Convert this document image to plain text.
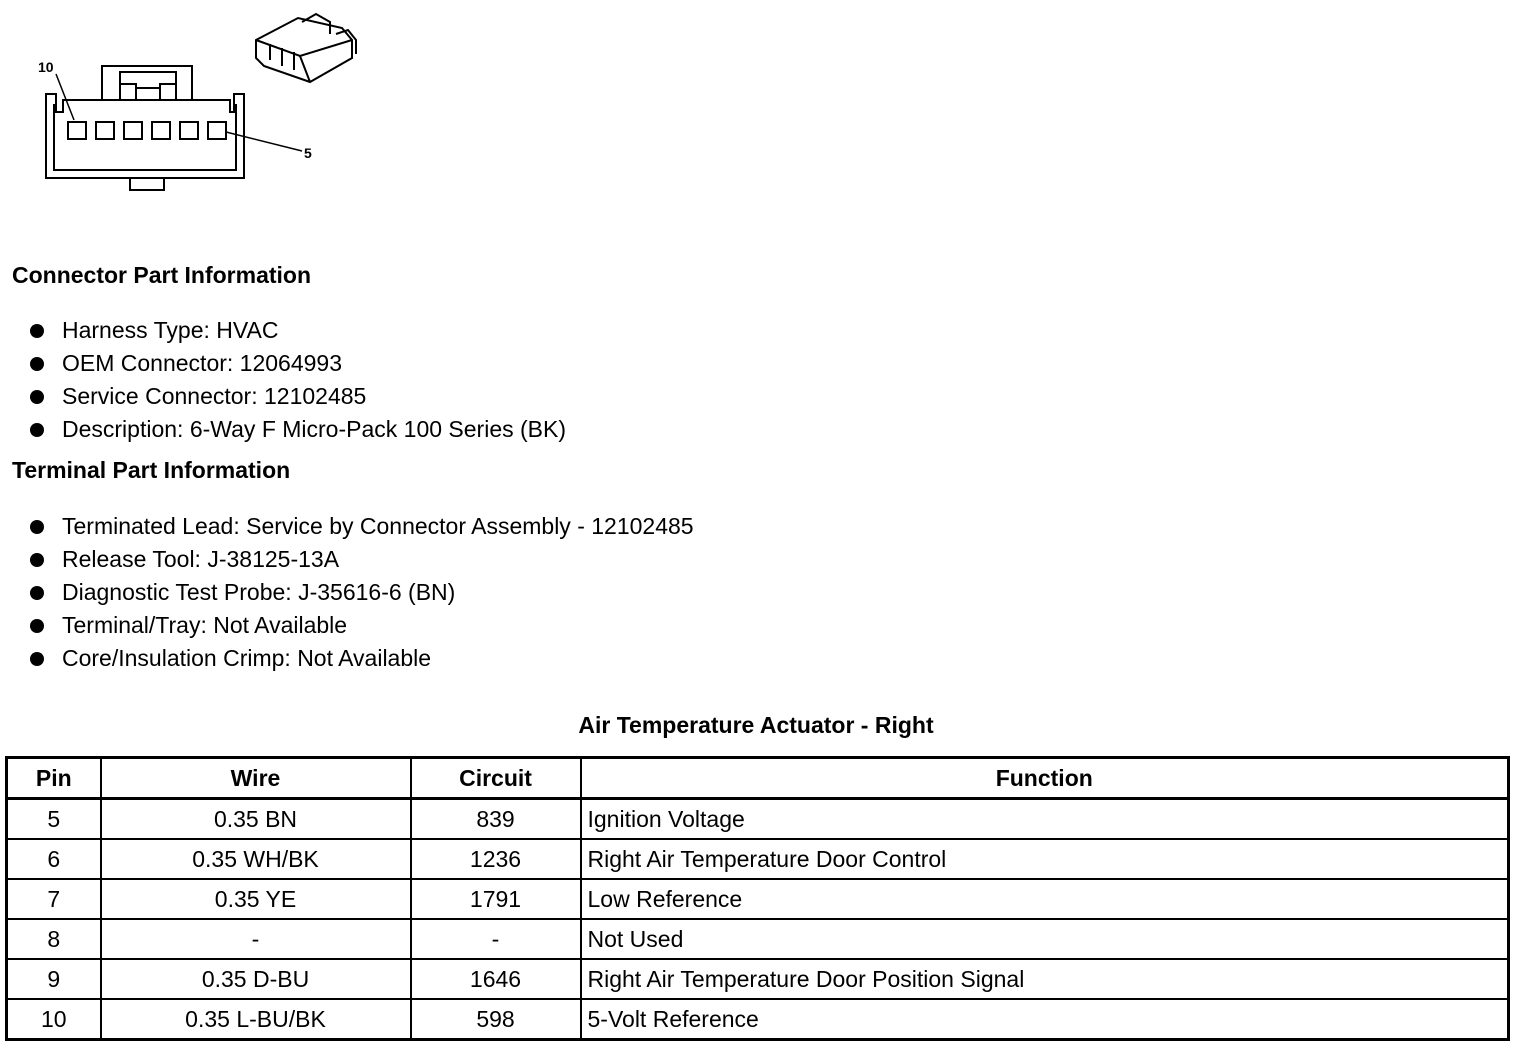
10
5
Connector Part Information
Harness Type: HVAC
OEM Connector: 12064993
Service Connector: 12102485
Description: 6-Way F Micro-Pack 100 Series (BK)
Terminal Part Information
Terminated Lead: Service by Connector Assembly - 12102485
Release Tool: J-38125-13A
Diagnostic Test Probe: J-35616-6 (BN)
Terminal/Tray: Not Available
Core/Insulation Crimp: Not Available
Air Temperature Actuator - Right
Pin	Wire	Circuit	Function
5	0.35 BN	839	Ignition Voltage
6	0.35 WH/BK	1236	Right Air Temperature Door Control
7	0.35 YE	1791	Low Reference
8	-	-	Not Used
9	0.35 D-BU	1646	Right Air Temperature Door Position Signal
10	0.35 L-BU/BK	598	5-Volt Reference
